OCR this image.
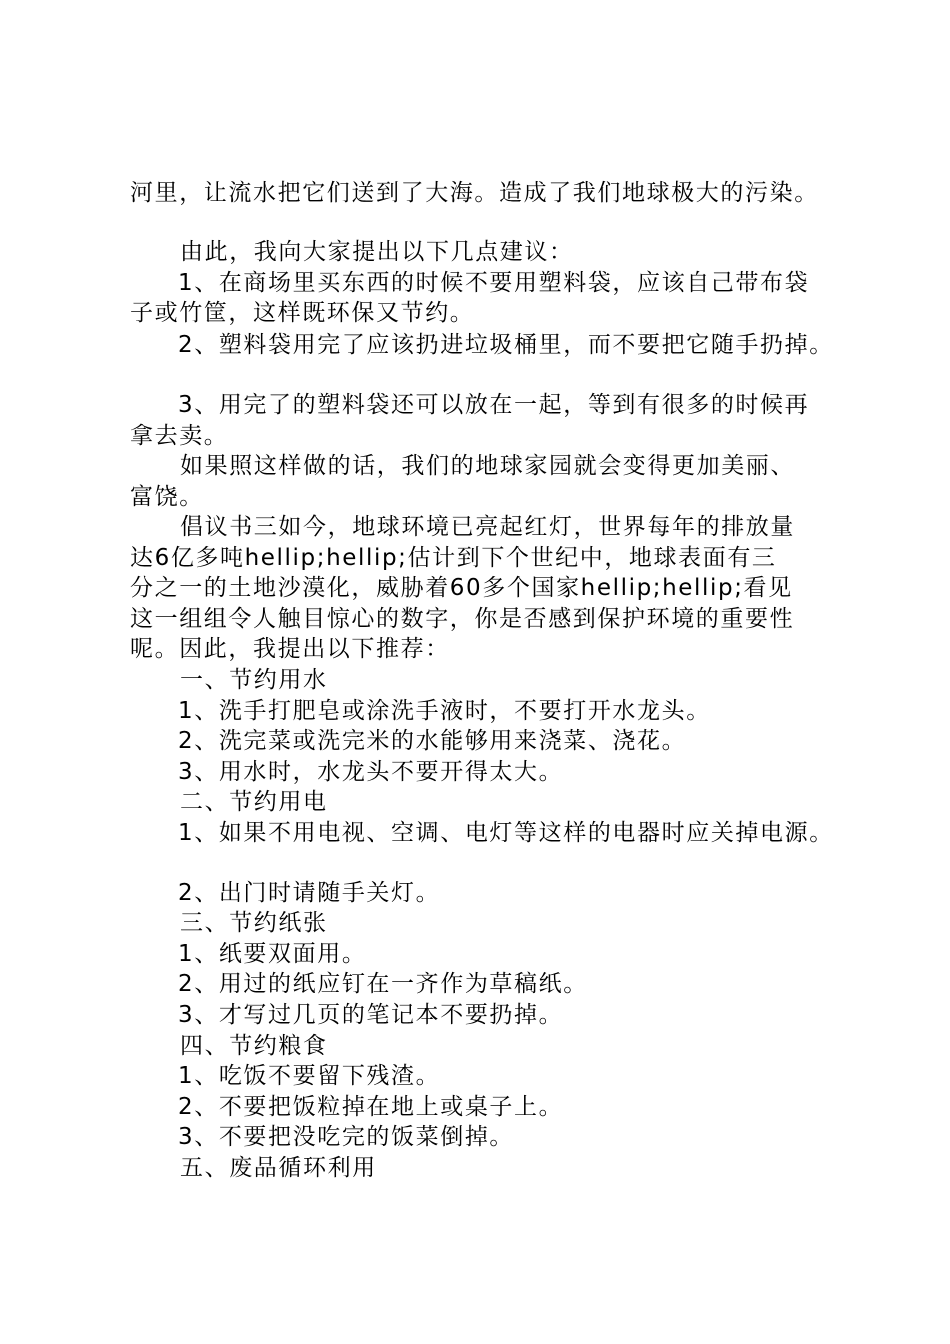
河里，让流水把它们送到了大海。造成了我们地球极大的污染。
由此，我向大家提出以下几点建议：
1、在商场里买东西的时候不要用塑料袋，应该自己带布袋
子或竹筐，这样既环保又节约。
2、塑料袋用完了应该扔进垃圾桶里，而不要把它随手扔掉。
3、用完了的塑料袋还可以放在一起，等到有很多的时候再
拿去卖。
如果照这样做的话，我们的地球家园就会变得更加美丽、
富饶。
倡议书三如今，地球环境已亮起红灯，世界每年的排放量
达6亿多吨hellip;hellip;估计到下个世纪中，地球表面有三
分之一的土地沙漠化，威胁着60多个国家hellip;hellip;看见
这一组组令人触目惊心的数字，你是否感到保护环境的重要性
呢。因此，我提出以下推荐：
一、节约用水
1、洗手打肥皂或涂洗手液时，不要打开水龙头。
2、洗完菜或洗完米的水能够用来浇菜、浇花。
3、用水时，水龙头不要开得太大。
二、节约用电
1、如果不用电视、空调、电灯等这样的电器时应关掉电源。
2、出门时请随手关灯。
三、节约纸张
1、纸要双面用。
2、用过的纸应钉在一齐作为草稿纸。
3、才写过几页的笔记本不要扔掉。
四、节约粮食
1、吃饭不要留下残渣。
2、不要把饭粒掉在地上或桌子上。
3、不要把没吃完的饭菜倒掉。
五、废品循环利用
